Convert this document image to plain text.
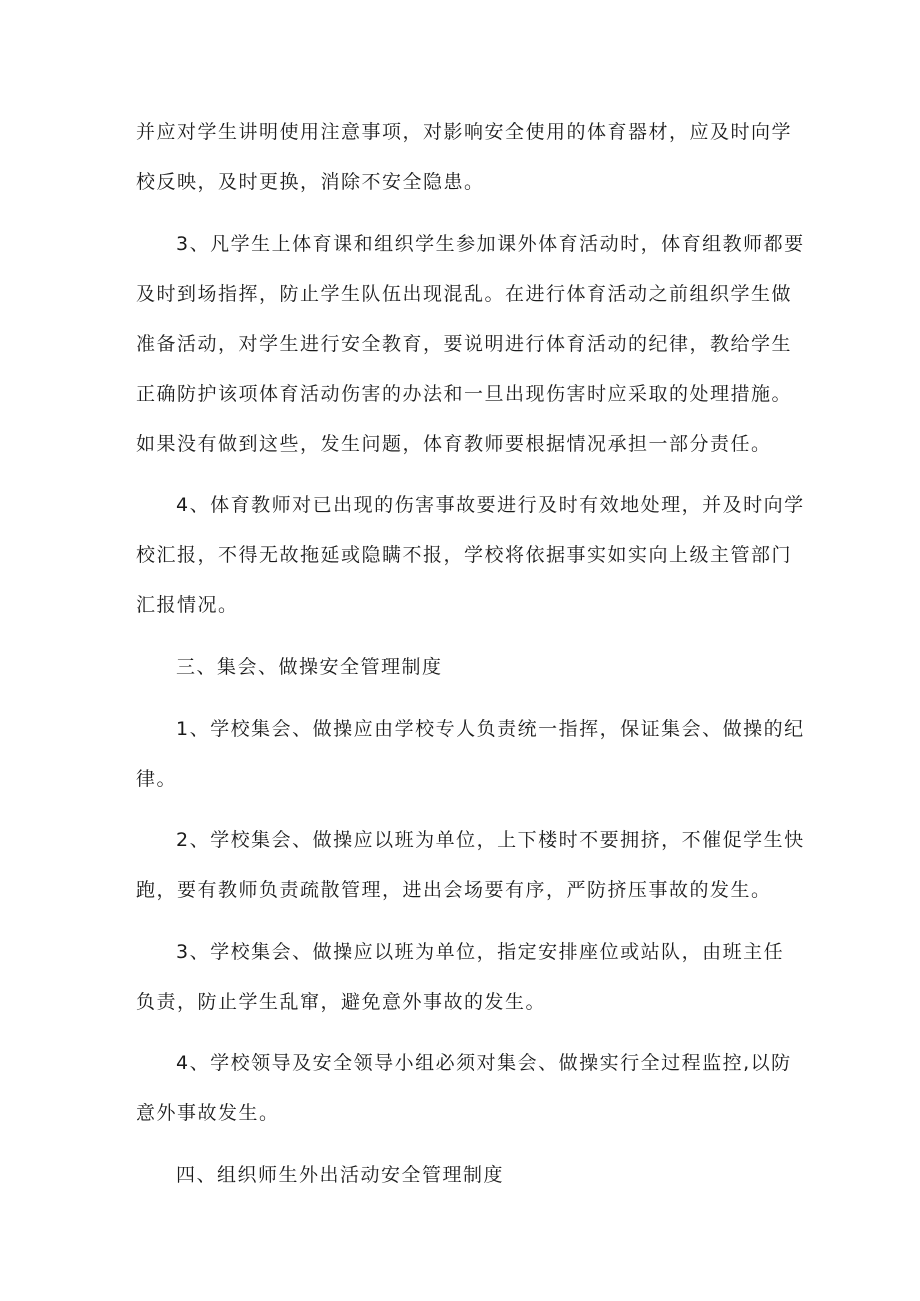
并应对学生讲明使用注意事项，对影响安全使用的体育器材，应及时向学
校反映，及时更换，消除不安全隐患。
3、凡学生上体育课和组织学生参加课外体育活动时，体育组教师都要
及时到场指挥，防止学生队伍出现混乱。在进行体育活动之前组织学生做
准备活动，对学生进行安全教育，要说明进行体育活动的纪律，教给学生
正确防护该项体育活动伤害的办法和一旦出现伤害时应采取的处理措施。
如果没有做到这些，发生问题，体育教师要根据情况承担一部分责任。
4、体育教师对已出现的伤害事故要进行及时有效地处理，并及时向学
校汇报，不得无故拖延或隐瞒不报，学校将依据事实如实向上级主管部门
汇报情况。
三、集会、做操安全管理制度
1、学校集会、做操应由学校专人负责统一指挥，保证集会、做操的纪
律。
2、学校集会、做操应以班为单位，上下楼时不要拥挤，不催促学生快
跑，要有教师负责疏散管理，进出会场要有序，严防挤压事故的发生。
3、学校集会、做操应以班为单位，指定安排座位或站队，由班主任
负责，防止学生乱窜，避免意外事故的发生。
4、学校领导及安全领导小组必须对集会、做操实行全过程监控,以防
意外事故发生。
四、组织师生外出活动安全管理制度
